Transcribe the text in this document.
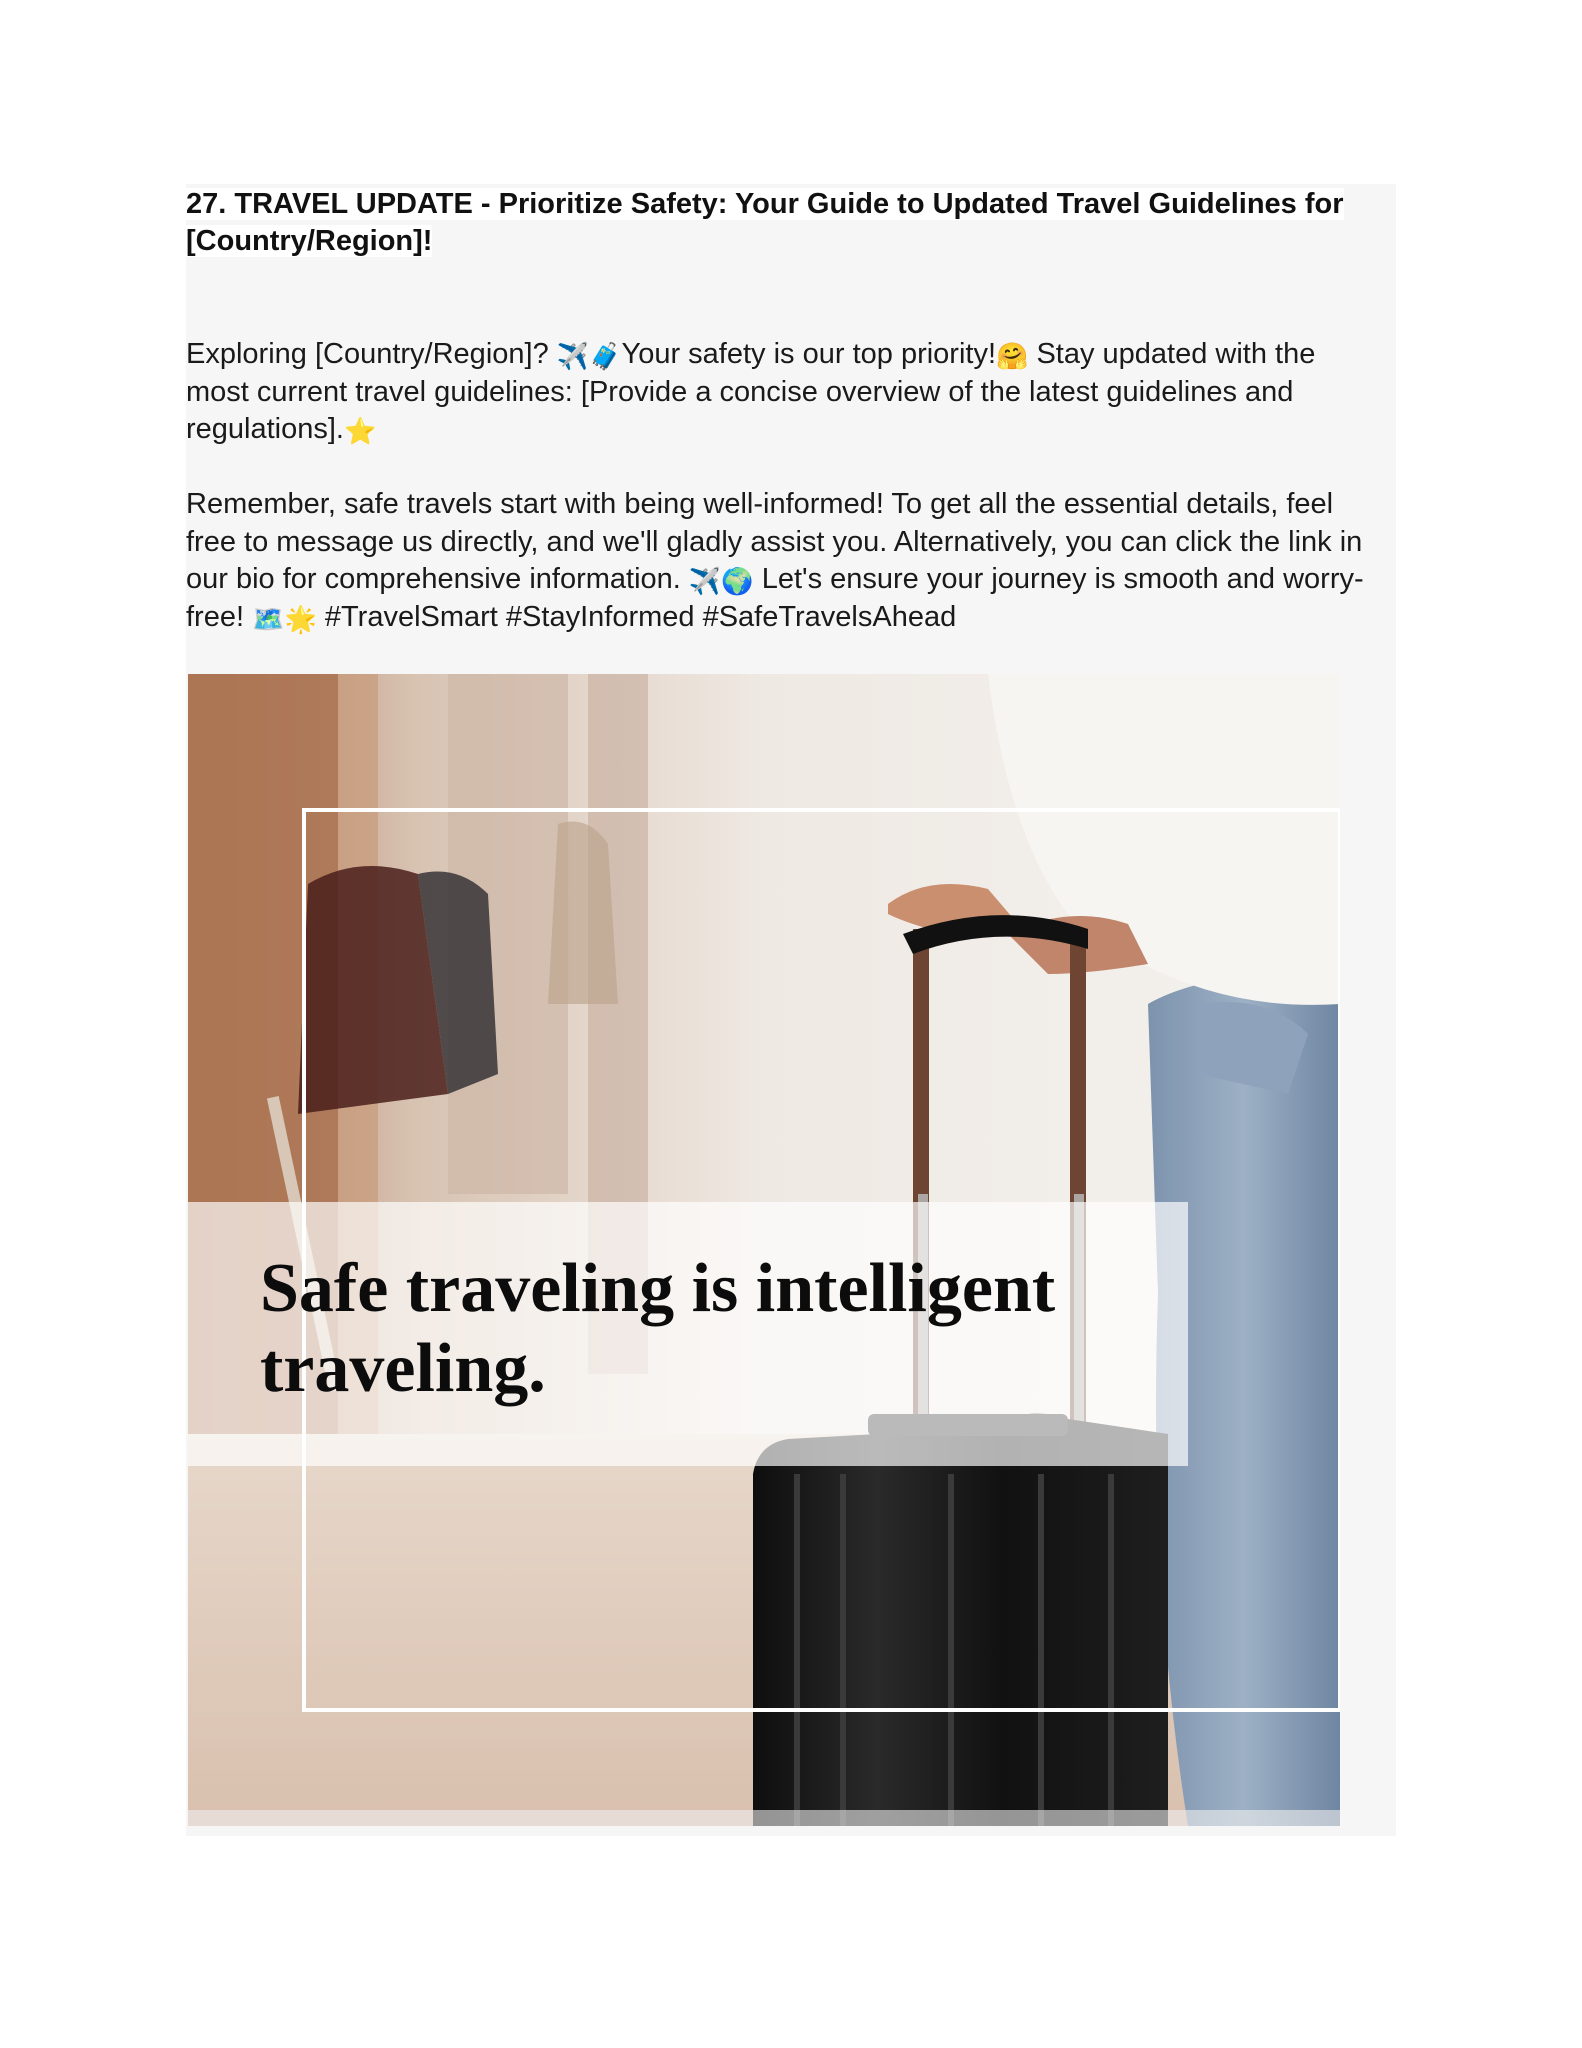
27. TRAVEL UPDATE - Prioritize Safety: Your Guide to Updated Travel Guidelines for [Country/Region]!

Exploring [Country/Region]? ✈️🧳Your safety is our top priority!🤗 Stay updated with the most current travel guidelines: [Provide a concise overview of the latest guidelines and regulations].⭐

Remember, safe travels start with being well-informed! To get all the essential details, feel free to message us directly, and we'll gladly assist you. Alternatively, you can click the link in our bio for comprehensive information. ✈️🌍 Let's ensure your journey is smooth and worry-free! 🗺️🌟 #TravelSmart #StayInformed #SafeTravelsAhead

Safe traveling is intelligent traveling.
